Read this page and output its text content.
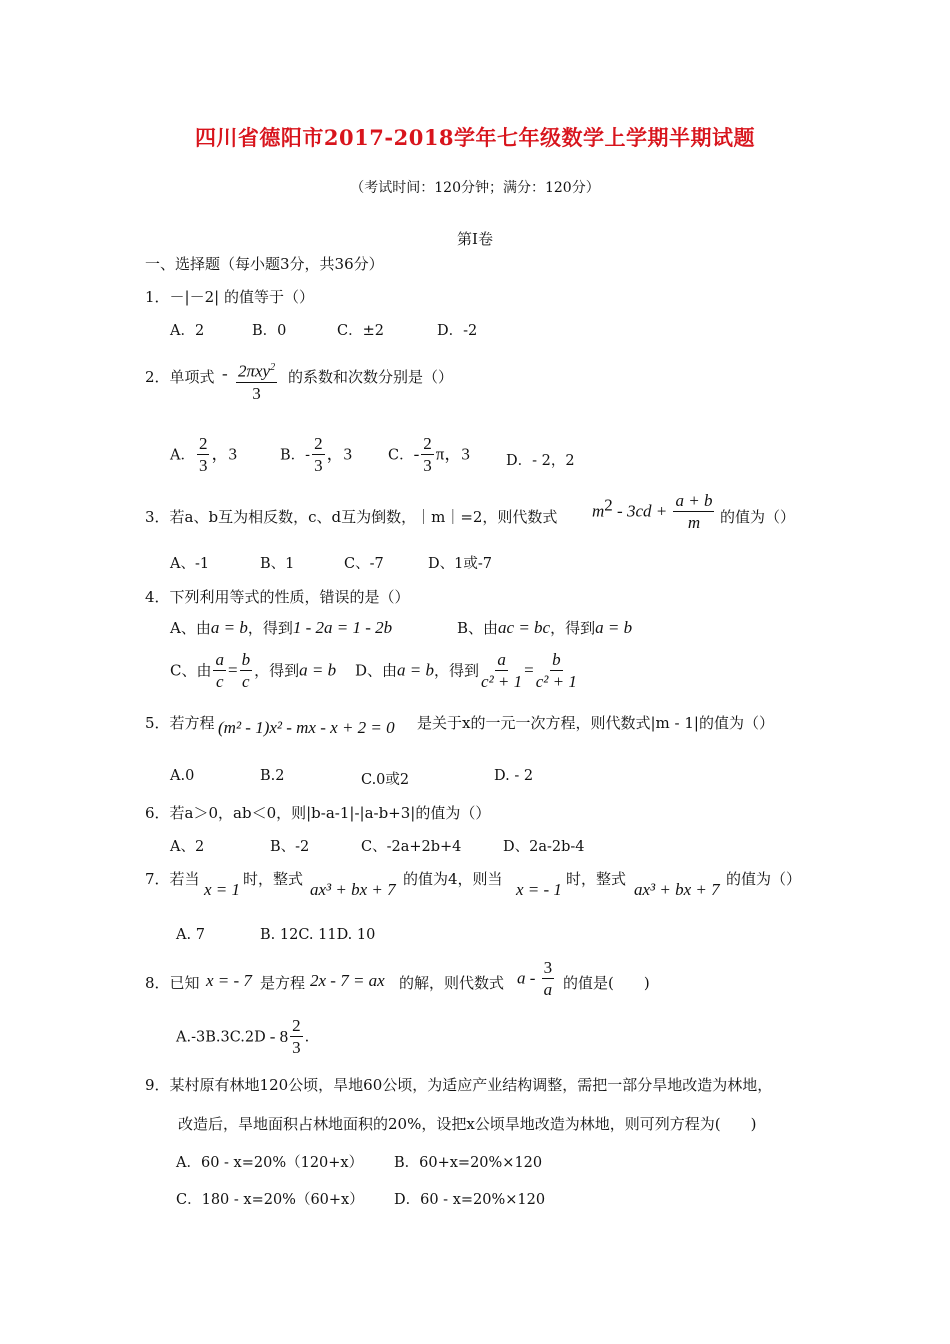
四川省德阳市2017-2018学年七年级数学上学期半期试题
（考试时间：120分钟；满分：120分）
第Ⅰ卷
一、选择题（每小题3分，共36分）
1．－|－2| 的值等于（）
A．2	B．0	C．±2	D．-2
2．单项式 - $\frac{2\pi xy^2}{3}$ 的系数和次数分别是（）
A． $\frac{2}{3}$ ，3	B．- $\frac{2}{3}$ ，3 C．- $\frac{2}{3}$ π，3 D．- 2，2
3．若a、b互为相反数，c、d互为倒数，｜m｜=2，则代数式 $m^2 - 3cd + \frac{a + b}{m}$ 的值为（）
A、-1	B、1	C、-7	D、1或-7
4．下列利用等式的性质，错误的是（）
A、由a = b，得到1 - 2a = 1 - 2b	B、由ac = bc，得到a = b
C、由 $\frac{a}{c} = \frac{b}{c}$ ，得到a = b D、由a = b，得到 $\frac{a}{\text{c² + 1}} = \frac{b}{\text{c² + 1}}$
5．若方程 (m² - 1)x² - mx - x + 2 = 0 是关于x的一元一次方程，则代数式|m - 1|的值为（）
A.0	B.2	C.0或2	D. - 2
6．若a＞0，ab＜0，则|b-a-1|-|a-b+3|的值为（）
A、2	B、-2	C、-2a+2b+4	D、2a-2b-4
7．若当
x = 1
时，整式
ax³ + bx + 7
的值为4，则当
x = - 1
时，整式
ax³ + bx + 7
的值为（）
A. 7	B. 12C. 11D. 10
8．已知 x = - 7 是方程 2x - 7 = ax 的解，则代数式 a - $\frac{3}{a}$ 的值是(　　)
$A.-3B.3C.2D - 8 \frac{2}{3}$ .
9．某村原有林地120公顷，旱地60公顷，为适应产业结构调整，需把一部分旱地改造为林地，
改造后，旱地面积占林地面积的20%，设把x公顷旱地改造为林地，则可列方程为(　　)
A．60 - x=20%（120+x） B．60+x=20%×120
C．180 - x=20%（60+x） D．60 - x=20%×120
